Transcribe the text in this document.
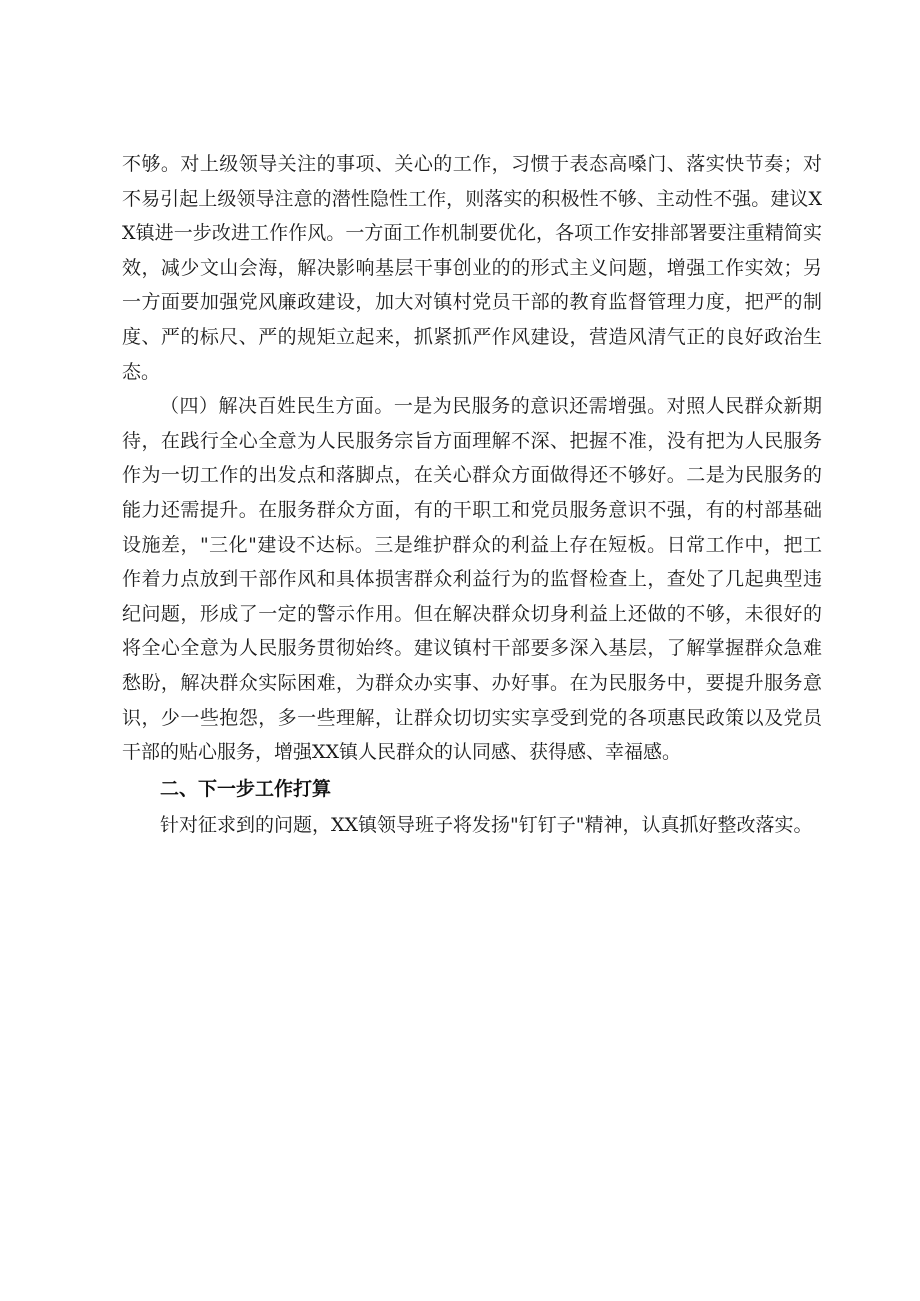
不够。对上级领导关注的事项、关心的工作，习惯于表态高嗓门、落实快节奏；对不易引起上级领导注意的潜性隐性工作，则落实的积极性不够、主动性不强。建议XX镇进一步改进工作作风。一方面工作机制要优化，各项工作安排部署要注重精简实效，减少文山会海，解决影响基层干事创业的的形式主义问题，增强工作实效；另一方面要加强党风廉政建设，加大对镇村党员干部的教育监督管理力度，把严的制度、严的标尺、严的规矩立起来，抓紧抓严作风建设，营造风清气正的良好政治生态。

（四）解决百姓民生方面。一是为民服务的意识还需增强。对照人民群众新期待，在践行全心全意为人民服务宗旨方面理解不深、把握不准，没有把为人民服务作为一切工作的出发点和落脚点，在关心群众方面做得还不够好。二是为民服务的能力还需提升。在服务群众方面，有的干职工和党员服务意识不强，有的村部基础设施差，"三化"建设不达标。三是维护群众的利益上存在短板。日常工作中，把工作着力点放到干部作风和具体损害群众利益行为的监督检查上，查处了几起典型违纪问题，形成了一定的警示作用。但在解决群众切身利益上还做的不够，未很好的将全心全意为人民服务贯彻始终。建议镇村干部要多深入基层，了解掌握群众急难愁盼，解决群众实际困难，为群众办实事、办好事。在为民服务中，要提升服务意识，少一些抱怨，多一些理解，让群众切切实实享受到党的各项惠民政策以及党员干部的贴心服务，增强XX镇人民群众的认同感、获得感、幸福感。

二、下一步工作打算

针对征求到的问题，XX镇领导班子将发扬"钉钉子"精神，认真抓好整改落实。
